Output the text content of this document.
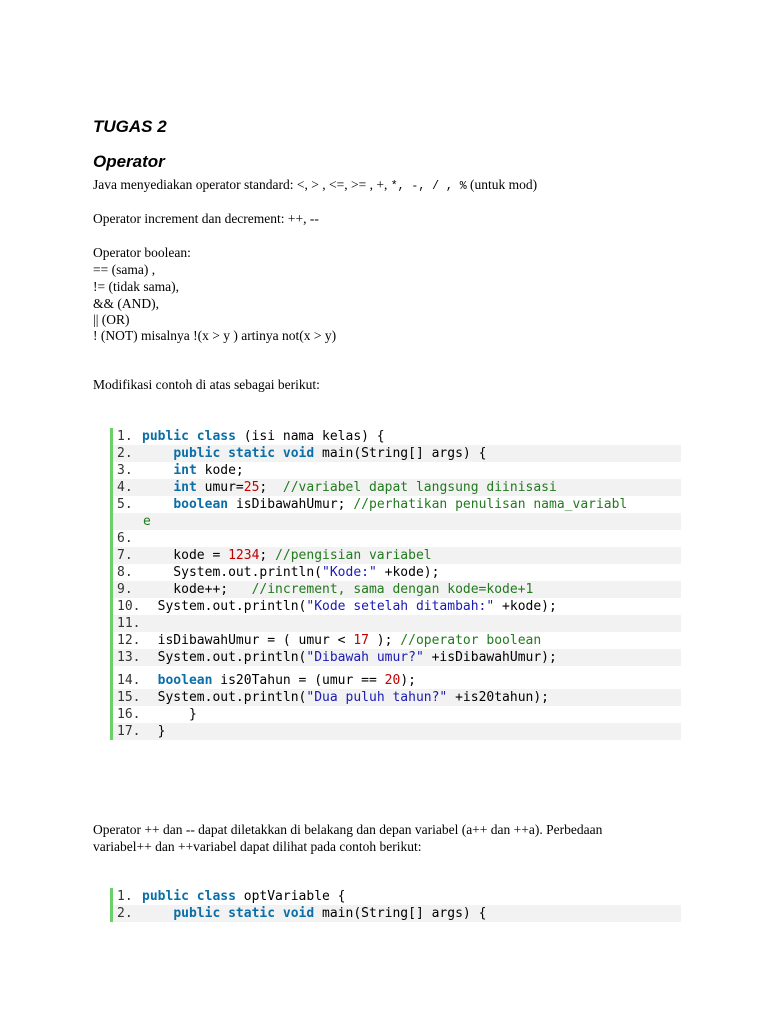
TUGAS 2
Operator
Java menyediakan operator standard: <, > , <=, >= , +, *, -, / , % (untuk mod)
Operator increment dan decrement: ++, --
Operator boolean:
== (sama) ,
!= (tidak sama),
&& (AND),
|| (OR)
! (NOT) misalnya !(x > y ) artinya not(x > y)
Modifikasi contoh di atas sebagai berikut:
1. public class (isi nama kelas) {
2.	public static void main(String[] args) {
3.	int kode;
4.	int umur=25;  //variabel dapat langsung diinisasi
5.	boolean isDibawahUmur; //perhatikan penulisan nama_variabl
e
6.
7.    kode = 1234; //pengisian variabel
8.    System.out.println("Kode:" +kode);
9.    kode++;   //increment, sama dengan kode=kode+1
10.  System.out.println("Kode setelah ditambah:" +kode);
11.
12.  isDibawahUmur = ( umur < 17 ); //operator boolean
13.  System.out.println("Dibawah umur?" +isDibawahUmur);
14. boolean is20Tahun = (umur == 20);
15.  System.out.println("Dua puluh tahun?" +is20tahun);
16.      }
17.  }
Operator ++ dan -- dapat diletakkan di belakang dan depan variabel (a++ dan ++a). Perbedaan
variabel++ dan ++variabel dapat dilihat pada contoh berikut:
1. public class optVariable {
2.	public static void main(String[] args) {
